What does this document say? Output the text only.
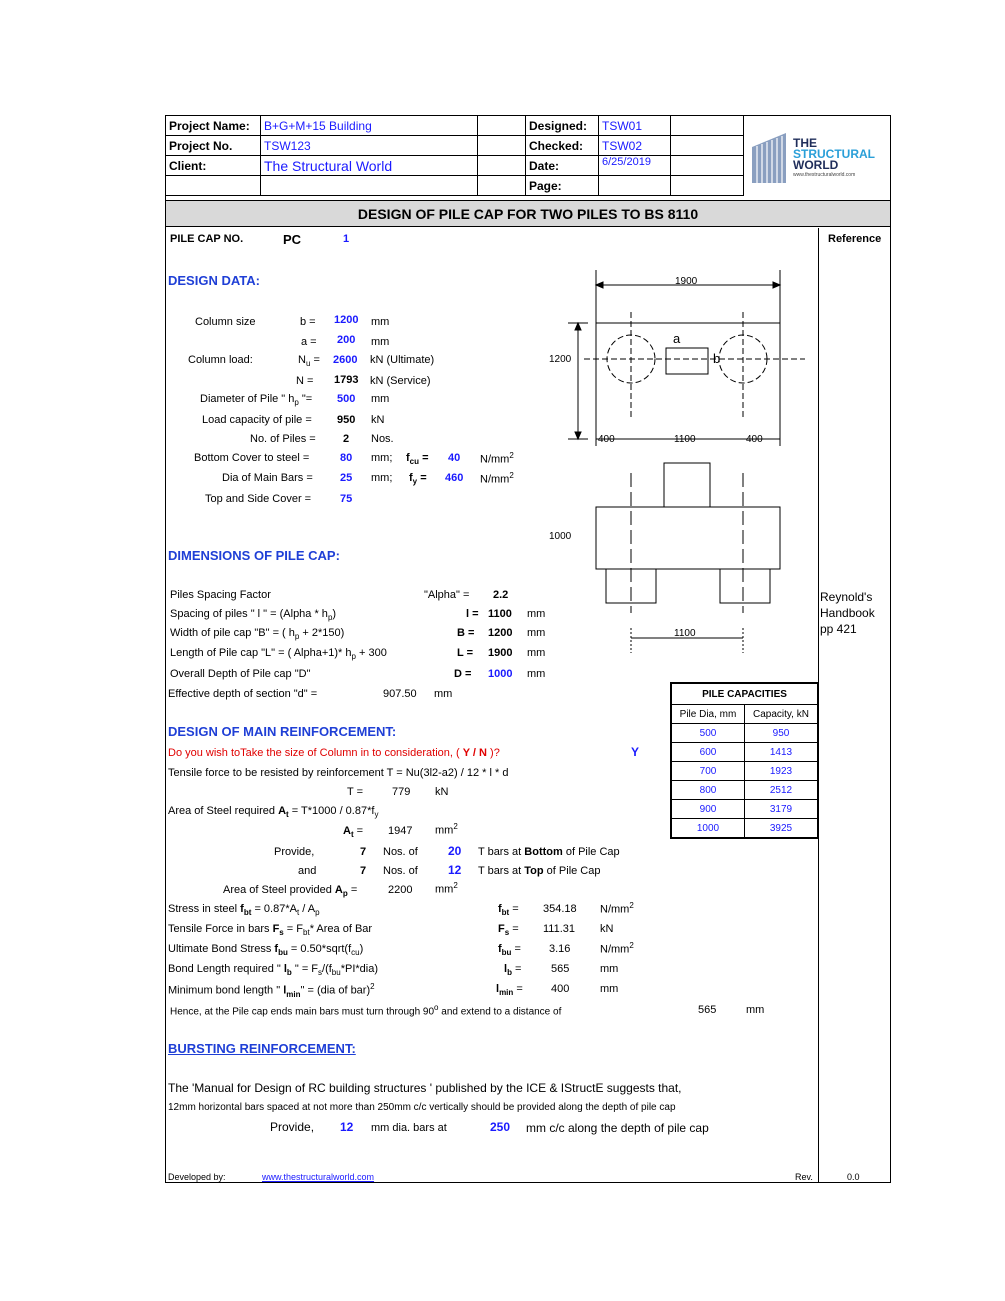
Project Name:	B+G+M+15 Building		Designed:	TSW01	
Project No.	TSW123		Checked:	TSW02	
Client:	The Structural World		Date:	6/25/2019	
			Page:		
THE
STRUCTURAL
WORLD
www.thestructuralworld.com
DESIGN OF PILE CAP FOR TWO PILES TO BS 8110
PILE CAP NO.	PC	1	Reference
DESIGN DATA:
Column size	b = 1200 mm
a = 200 mm
Column load:	$N_u = 2600$ kN (Ultimate)
N = 1793 kN (Service)
Diameter of Pile " $h_p$ "= 500 mm
Load capacity of pile = 950 kN
No. of Piles = 2 Nos.
Bottom Cover to steel =	80 mm; $f_{cu} = 40$ $N/mm^2$
Dia of Main Bars = 25 mm; $f_y = 460$ $N/mm^2$
Top and Side Cover =	75
1900
1200
a
b
400	1100	400
1000
1100
Reynold's
Handbook
pp 421
DIMENSIONS OF PILE CAP:
Piles Spacing Factor	"Alpha" = 2.2
Spacing of piles " l " = (Alpha * $h_p$)	l = 1100 mm
Width of pile cap "B" = ( $h_p + 2*150$)	B = 1200 mm
Length of Pile cap "L" = ( Alpha+1)* $h_p + 300$	L = 1900 mm
Overall Depth of Pile cap "D"	D = 1000 mm
Effective depth of section "d" =	907.50 mm	PILE CAPACITIES	
Pile Dia, mm	Capacity, kN
500	950
600	1413
700	1923
800	2512
900	3179
1000	3925
DESIGN OF MAIN REINFORCEMENT:
Do you wish toTake the size of Column in to consideration, ( Y / N )?	Y
Tensile force to be resisted by reinforcement T = Nu(3l2-a2) / 12 * l * d
T =	779 kN
Area of Steel required $A_t = T*1000 / 0.87*f_y$
$A_t = 1947$ $mm^2$
Provide,	7 Nos. of	20 T bars at Bottom of Pile Cap
and	7 Nos. of	12 T bars at Top of Pile Cap
Area of Steel provided $A_p$ =	2200 $mm^2$
Stress in steel $f_{bt} = 0.87*A_t / A_p$	$f_{bt} = 354.18$ $N/mm^2$
Tensile Force in bars $F_s = F_{bt}*$ Area of Bar	$F_s = 111.31$ kN
Ultimate Bond Stress $f_{bu}$ = $0.50*sqrt(f_{cu})$	$f_{bu}$ =	3.16	$N/mm^2$
Bond Length required " $l_b$ " = $F_s/(f_{bu}*PI*dia)$	$l_b$ =	565	mm
Minimum bond length " $l_{min}$" = (dia of bar)$^2$	$l_{min}$ =	400	mm
Hence, at the Pile cap ends main bars must turn through 90$^o$ and extend to a distance of	565	mm
BURSTING REINFORCEMENT:
The 'Manual for Design of RC building structures ' published by the ICE & IStructE suggests that,
12mm horizontal bars spaced at not more than 250mm c/c vertically should be provided along the depth of pile cap
Provide, 12 mm dia. bars at	250 mm c/c along the depth of pile cap
Developed by:	www.thestructuralworld.com	Rev.	0.0
